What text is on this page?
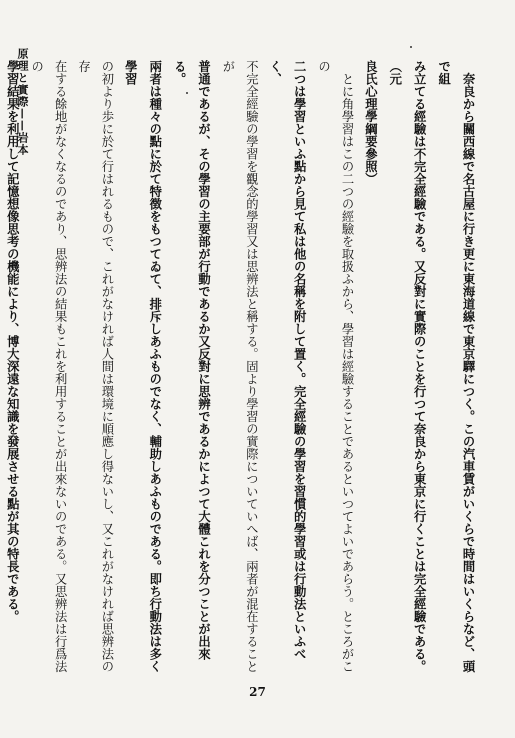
原理と實際——岩本

　	奈良から關西線で名古屋に行き更に東海道線で東京驛につく。この汽車賃がいくらで時間はいくらなど、頭で組

み立てる經驗は不完全經驗である。又反對に實際のことを行つて奈良から東京に行くことは完全經驗である。（元

良氏心理學綱要參照）

　とに角學習はこの二つの經驗を取扱ふから、學習は經驗することであるといつてよいであらう。ところがこの

二つは學習といふ點から見て私は他の名稱を附して置く。完全經驗の學習を習慣的學習或は行動法といふべく、

不完全經驗の學習を觀念的學習又は思辨法と稱する。固より學習の實際についていへば、兩者が混在することが

普通であるが、その學習の主要部が行動であるか又反對に思辨であるかによつて大體これを分つことが出來る。

兩者は種々の點に於て特徴をもつてゐて、排斥しあふものでなく、輔助しあふものである。即ち行動法は多く學習

の初より歩に於て行はれるもので、これがなければ人間は環境に順應し得ないし、又これがなければ思辨法の存

在する餘地がなくなるのであり、思辨法の結果もこれを利用することが出來ないのである。又思辨法は行爲法の

學習結果を利用して記憶想像思考の機能により、博大深遠な知識を發展させる點が其の特長である。

27
